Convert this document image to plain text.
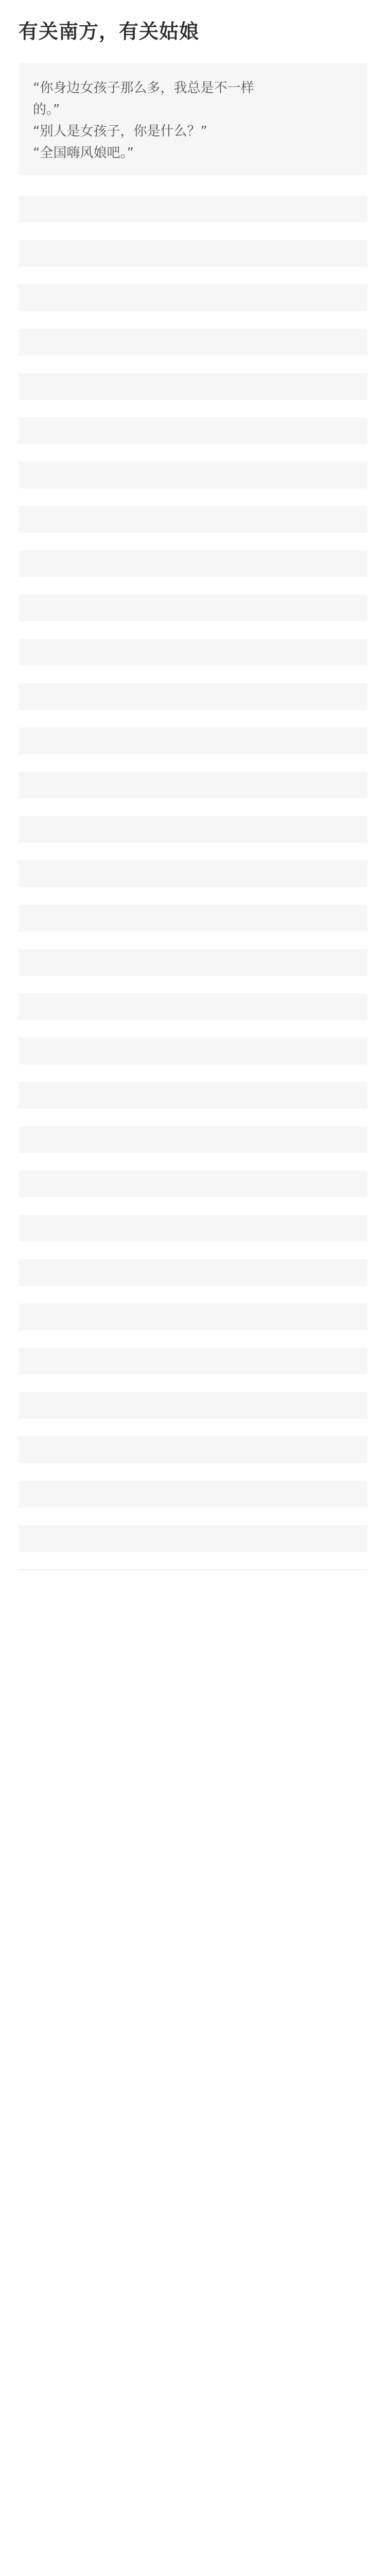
有关南方，有关姑娘

“你身边女孩子那么多，我总是不一样

的。”

“别人是女孩子，你是什么？”

“全国嗨风娘吧。”
